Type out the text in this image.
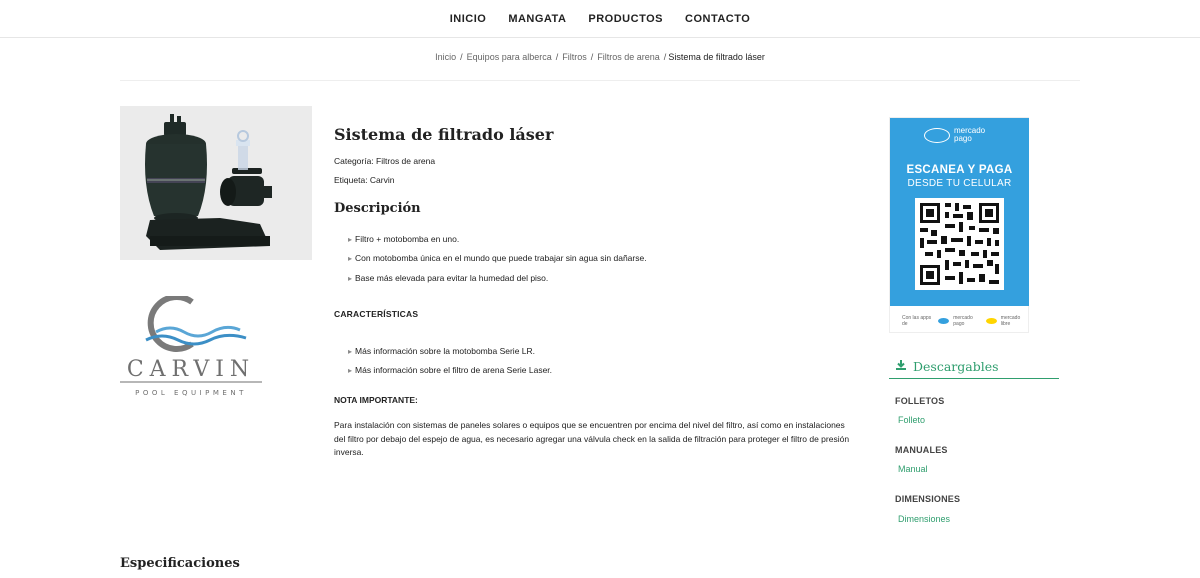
INICIO MANGATA PRODUCTOS CONTACTO
Inicio / Equipos para alberca / Filtros / Filtros de arena / Sistema de filtrado láser
CARVIN
POOL EQUIPMENT
Sistema de filtrado láser
Categoría: Filtros de arena
Etiqueta: Carvin
Descripción
▸ Filtro + motobomba en uno.
▸ Con motobomba única en el mundo que puede trabajar sin agua sin dañarse.
▸ Base más elevada para evitar la humedad del piso.
CARACTERÍSTICAS
▸ Más información sobre la motobomba Serie LR.
▸ Más información sobre el filtro de arena Serie Laser.
NOTA IMPORTANTE:

Para instalación con sistemas de paneles solares o equipos que se encuentren por encima del nivel del filtro, así como en instalaciones del filtro por debajo del espejo de agua, es necesario agregar una válvula check en la salida de filtración para proteger el filtro de presión inversa.

Especificaciones
mercado
pago
ESCANEA Y PAGA
DESDE TU CELULAR
Con las apps de
mercado pago
mercado libre
Descargables
FOLLETOS
Folleto
MANUALES
Manual
DIMENSIONES
Dimensiones
